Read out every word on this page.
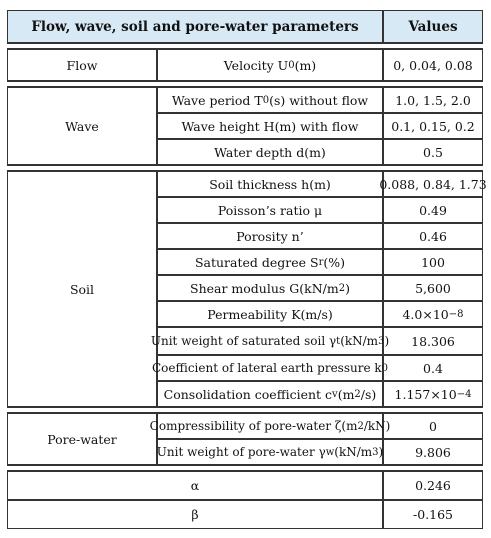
Flow, wave, soil and pore-water parameters	Values
Flow	Velocity U 0 (m)	0, 0.04, 0.08
Wave
Wave period T 0 (s) without flow	1.0, 1.5, 2.0
Wave height H(m) with flow	0.1, 0.15, 0.2
Water depth d(m)	0.5
Soil
Soil thickness h(m)	0.088, 0.84, 1.73
Poisson’s ratio μ	0.49
Porosity n’	0.46
Saturated degree S r (%)	100
Shear modulus G(kN/m 2 )	5,600
Permeability K(m/s)	4.0×10 −8
Unit weight of saturated soil γ t (kN/m 3 )	18.306
Coefficient of lateral earth pressure k 0	0.4
Consolidation coefficient c v (m 2 /s) 1.157×10 −4
Pore-water
Compressibility of pore-water ζ(m 2 /kN)	0
Unit weight of pore-water γ w (kN/m 3 )	9.806
α	0.246
β	-0.165
